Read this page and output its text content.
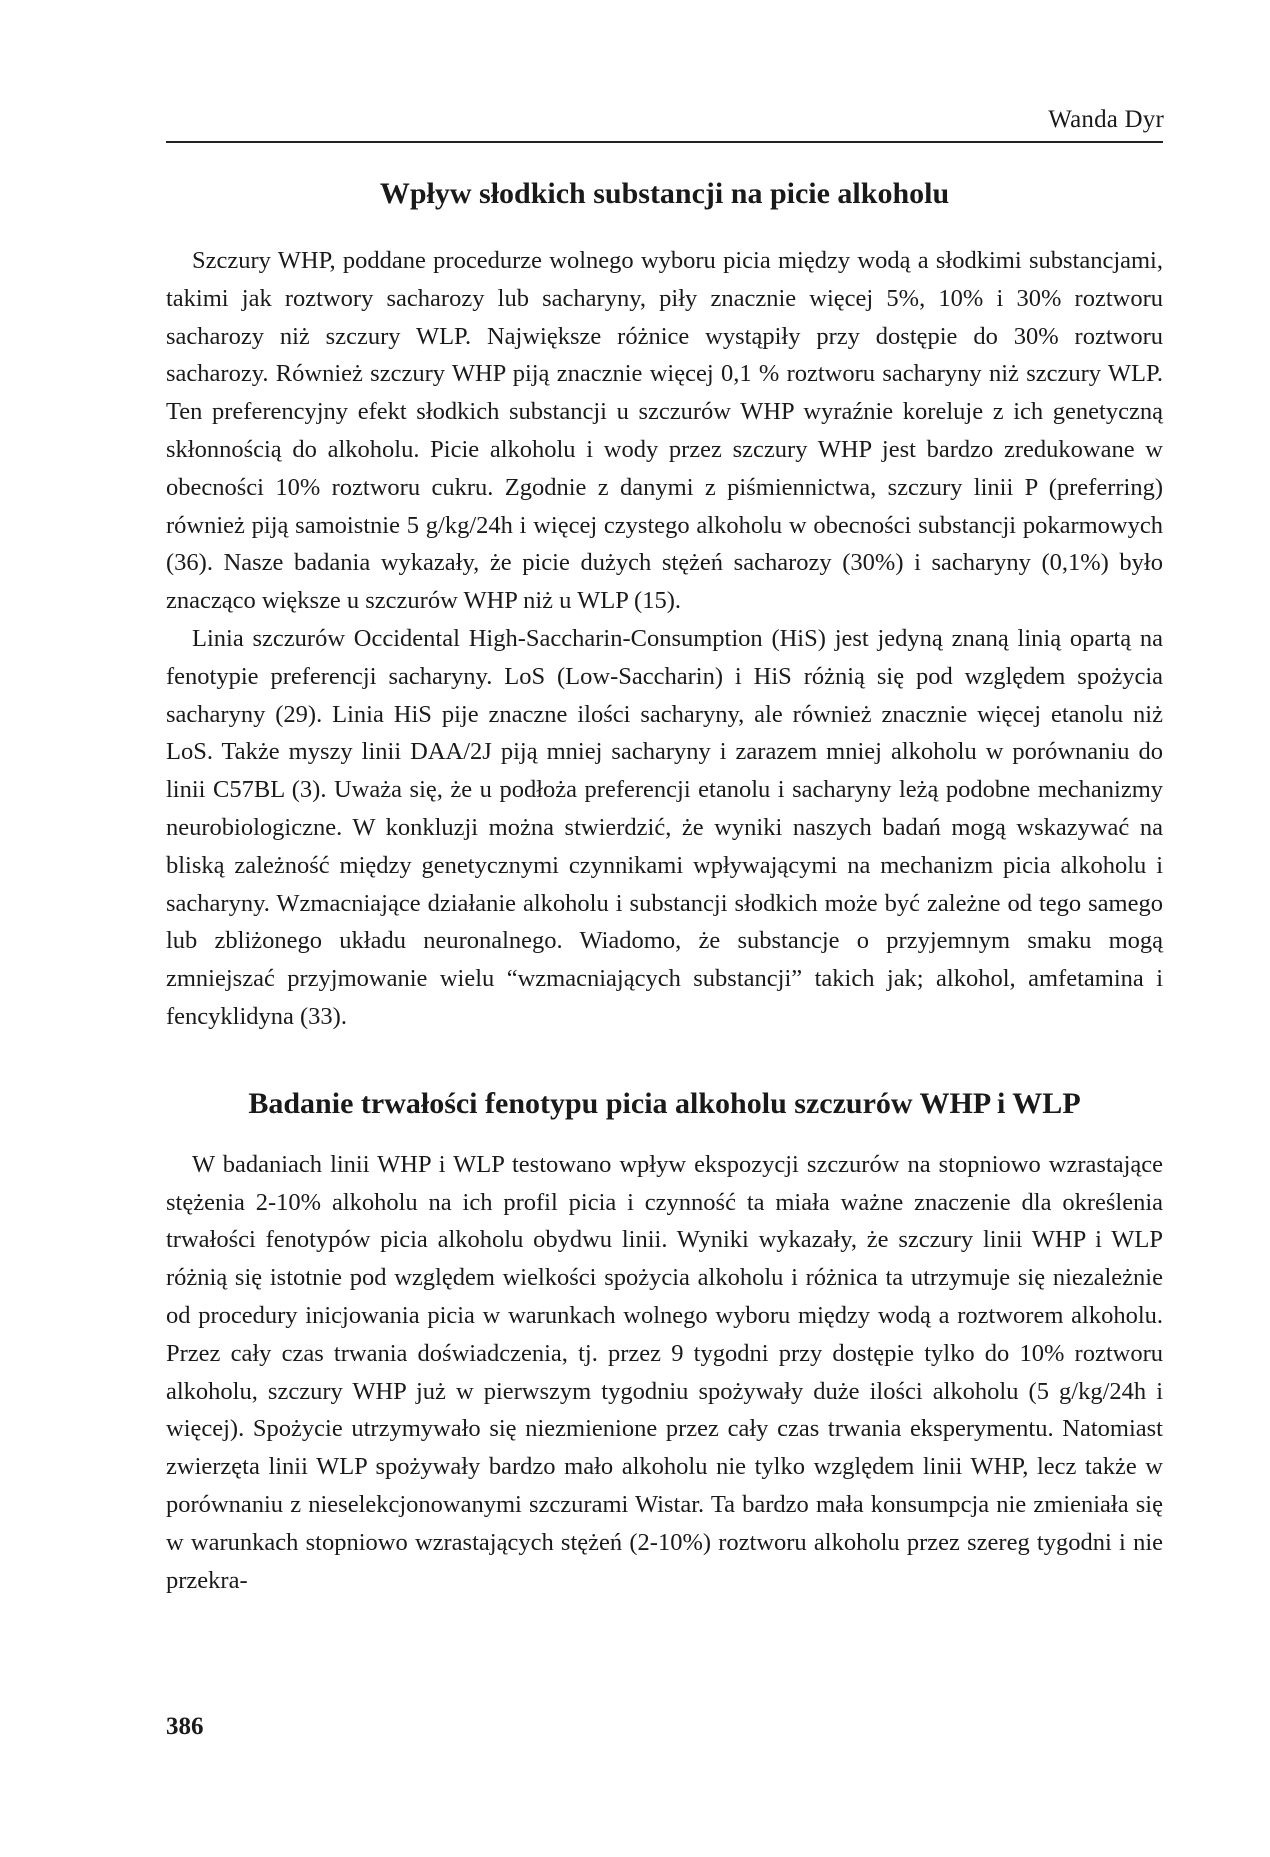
Wanda Dyr
Wpływ słodkich substancji na picie alkoholu

Szczury WHP, poddane procedurze wolnego wyboru picia między wodą a słodkimi substancjami, takimi jak roztwory sacharozy lub sacharyny, piły znacznie więcej 5%, 10% i 30% roztworu sacharozy niż szczury WLP. Największe różnice wystąpiły przy dostępie do 30% roztworu sacharozy. Również szczury WHP piją znacznie więcej 0,1 % roztworu sacharyny niż szczury WLP. Ten preferencyjny efekt słodkich substancji u szczurów WHP wyraźnie koreluje z ich genetyczną skłonnością do alkoholu. Picie alkoholu i wody przez szczury WHP jest bardzo zredukowane w obecności 10% roztworu cukru. Zgodnie z danymi z piśmiennictwa, szczury linii P (preferring) również piją samoistnie 5 g/kg/24h i więcej czystego alkoholu w obecności substancji pokarmowych (36). Nasze badania wykazały, że picie dużych stężeń sacharozy (30%) i sacharyny (0,1%) było znacząco większe u szczurów WHP niż u WLP (15).

Linia szczurów Occidental High-Saccharin-Consumption (HiS) jest jedyną znaną linią opartą na fenotypie preferencji sacharyny. LoS (Low-Saccharin) i HiS różnią się pod względem spożycia sacharyny (29). Linia HiS pije znaczne ilości sacharyny, ale również znacznie więcej etanolu niż LoS. Także myszy linii DAA/2J piją mniej sacharyny i zarazem mniej alkoholu w porównaniu do linii C57BL (3). Uważa się, że u podłoża preferencji etanolu i sacharyny leżą podobne mechanizmy neurobiologiczne. W konkluzji można stwierdzić, że wyniki naszych badań mogą wskazywać na bliską zależność między genetycznymi czynnikami wpływającymi na mechanizm picia alkoholu i sacharyny. Wzmacniające działanie alkoholu i substancji słodkich może być zależne od tego samego lub zbliżonego układu neuronalnego. Wiadomo, że substancje o przyjemnym smaku mogą zmniejszać przyjmowanie wielu “wzmacniających substancji” takich jak; alkohol, amfetamina i fencyklidyna (33).

Badanie trwałości fenotypu picia alkoholu szczurów WHP i WLP

W badaniach linii WHP i WLP testowano wpływ ekspozycji szczurów na stopniowo wzrastające stężenia 2-10% alkoholu na ich profil picia i czynność ta miała ważne znaczenie dla określenia trwałości fenotypów picia alkoholu obydwu linii. Wyniki wykazały, że szczury linii WHP i WLP różnią się istotnie pod względem wielkości spożycia alkoholu i różnica ta utrzymuje się niezależnie od procedury inicjowania picia w warunkach wolnego wyboru między wodą a roztworem alkoholu. Przez cały czas trwania doświadczenia, tj. przez 9 tygodni przy dostępie tylko do 10% roztworu alkoholu, szczury WHP już w pierwszym tygodniu spożywały duże ilości alkoholu (5 g/kg/24h i więcej). Spożycie utrzymywało się niezmienione przez cały czas trwania eksperymentu. Natomiast zwierzęta linii WLP spożywały bardzo mało alkoholu nie tylko względem linii WHP, lecz także w porównaniu z nieselekcjonowanymi szczurami Wistar. Ta bardzo mała konsumpcja nie zmieniała się w warunkach stopniowo wzrastających stężeń (2-10%) roztworu alkoholu przez szereg tygodni i nie przekra-

386
